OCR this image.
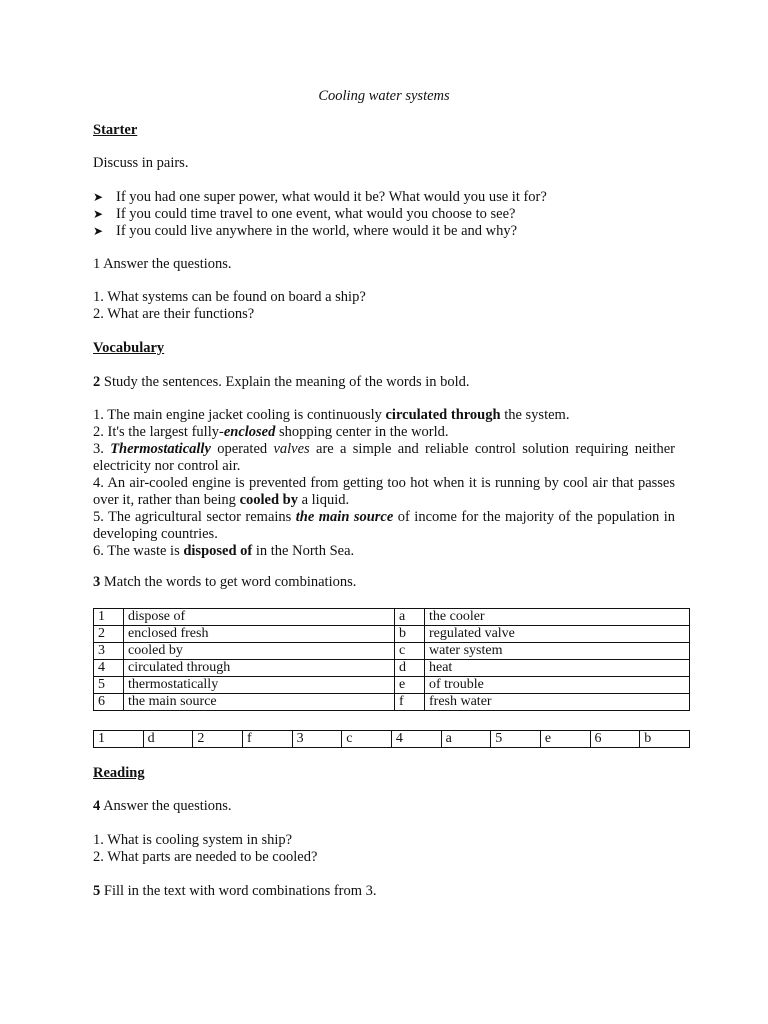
Cooling water systems
Starter
Discuss in pairs.
➤ If you had one super power, what would it be? What would you use it for?
➤ If you could time travel to one event, what would you choose to see?
➤ If you could live anywhere in the world, where would it be and why?
1 Answer the questions.
1. What systems can be found on board a ship?
2. What are their functions?
Vocabulary
2 Study the sentences. Explain the meaning of the words in bold.
1. The main engine jacket cooling is continuously circulated through the system.
2. It's the largest fully-enclosed shopping center in the world.
3. Thermostatically operated valves are a simple and reliable control solution requiring neither electricity nor control air.
4. An air-cooled engine is prevented from getting too hot when it is running by cool air that passes over it, rather than being cooled by a liquid.
5. The agricultural sector remains the main source of income for the majority of the population in developing countries.
6. The waste is disposed of in the North Sea.
3 Match the words to get word combinations.
1	dispose of	a	the cooler
2	enclosed fresh	b	regulated valve
3	cooled by	c	water system
4	circulated through	d	heat
5	thermostatically	e	of trouble
6	the main source	f	fresh water
1	d	2	f	3	c	4	a	5	e	6	b
Reading
4 Answer the questions.
1. What is cooling system in ship?
2. What parts are needed to be cooled?
5 Fill in the text with word combinations from 3.
